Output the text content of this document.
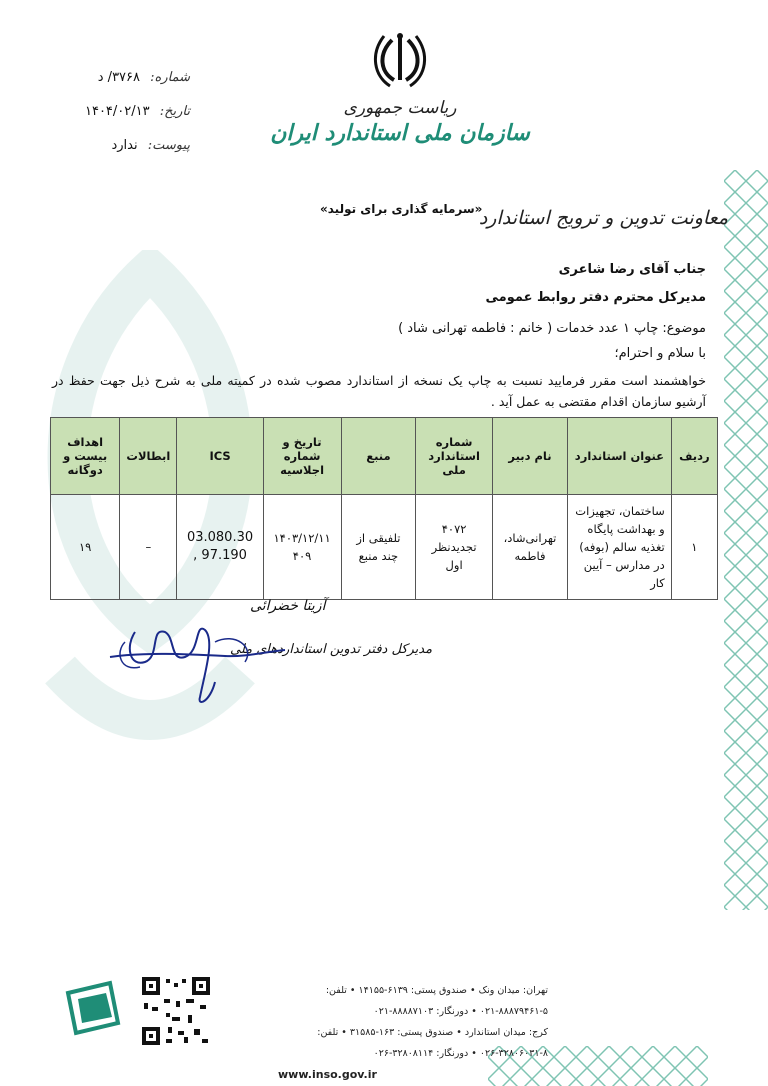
شماره: ۳۷۶۸/ د
تاریخ: ۱۴۰۴/۰۲/۱۳
پیوست: ندارد
ریاست جمهوری
سازمان ملی استاندارد ایران
«سرمایه گذاری برای تولید»
معاونت تدوین و ترویج استاندارد
جناب آقای رضا شاعری
مدیرکل محترم دفتر روابط عمومی
موضوع: چاپ ۱ عدد خدمات ( خانم : فاطمه تهرانی شاد )
با سلام و احترام؛
خواهشمند است مقرر فرمایید نسبت به چاپ یک نسخه از استاندارد مصوب شده در کمیته ملی به شرح ذیل جهت حفظ در آرشیو سازمان اقدام مقتضی به عمل آید .
ردیف	عنوان استاندارد	نام دبیر	شماره استاندارد ملی	منبع	تاریخ و شماره اجلاسیه	ICS	ابطالات	اهداف بیست و دوگانه
۱	ساختمان، تجهیزات و بهداشت پایگاه تغذیه سالم (بوفه) در مدارس – آیین کار	تهرانی‌شاد، فاطمه	۴۰۷۲ تجدیدنظر اول	تلفیقی از چند منبع	۱۴۰۳/۱۲/۱۱ ۴۰۹	03.080.30 , 97.190	–	۱۹
آزیتا خضرائی
مدیرکل دفتر تدوین استانداردهای ملی
تهران: میدان ونک • صندوق پستی: ۶۱۳۹-۱۴۱۵۵ • تلفن: ۵-۸۸۸۷۹۴۶۱-۰۲۱ • دورنگار: ۸۸۸۸۷۱۰۳-۰۲۱
کرج: میدان استاندارد • صندوق پستی: ۱۶۳-۳۱۵۸۵ • تلفن: ۸-۳۲۸۰۶۰۳۱-۰۲۶ • دورنگار: ۳۲۸۰۸۱۱۴-۰۲۶
www.inso.gov.ir
